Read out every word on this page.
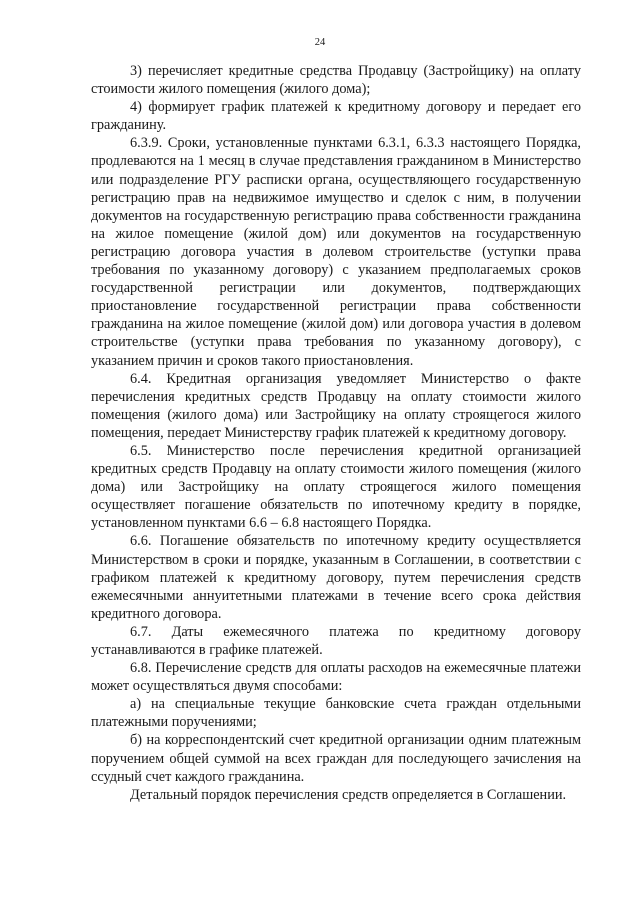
24

3) перечисляет кредитные средства Продавцу (Застройщику) на оплату стоимости жилого помещения (жилого дома);

4) формирует график платежей к кредитному договору и передает его гражданину.

6.3.9. Сроки, установленные пунктами 6.3.1, 6.3.3 настоящего Порядка, продлеваются на 1 месяц в случае представления гражданином в Министерство или подразделение РГУ расписки органа, осуществляющего государственную регистрацию прав на недвижимое имущество и сделок с ним, в получении документов на государственную регистрацию права собственности гражданина на жилое помещение (жилой дом) или документов на государственную регистрацию договора участия в долевом строительстве (уступки права требования по указанному договору) с указанием предполагаемых сроков государственной регистрации или документов, подтверждающих приостановление государственной регистрации права собственности гражданина на жилое помещение (жилой дом) или договора участия в долевом строительстве (уступки права требования по указанному договору), с указанием причин и сроков такого приостановления.

6.4. Кредитная организация уведомляет Министерство о факте перечисления кредитных средств Продавцу на оплату стоимости жилого помещения (жилого дома) или Застройщику на оплату строящегося жилого помещения, передает Министерству график платежей к кредитному договору.

6.5. Министерство после перечисления кредитной организацией кредитных средств Продавцу на оплату стоимости жилого помещения (жилого дома) или Застройщику на оплату строящегося жилого помещения осуществляет погашение обязательств по ипотечному кредиту в порядке, установленном пунктами 6.6 – 6.8 настоящего Порядка.

6.6. Погашение обязательств по ипотечному кредиту осуществляется Министерством в сроки и порядке, указанным в Соглашении, в соответствии с графиком платежей к кредитному договору, путем перечисления средств ежемесячными аннуитетными платежами в течение всего срока действия кредитного договора.

6.7. Даты ежемесячного платежа по кредитному договору устанавливаются в графике платежей.

6.8. Перечисление средств для оплаты расходов на ежемесячные платежи может осуществляться двумя способами:

а) на специальные текущие банковские счета граждан отдельными платежными поручениями;

б) на корреспондентский счет кредитной организации одним платежным поручением общей суммой на всех граждан для последующего зачисления на ссудный счет каждого гражданина.

Детальный порядок перечисления средств определяется в Соглашении.
